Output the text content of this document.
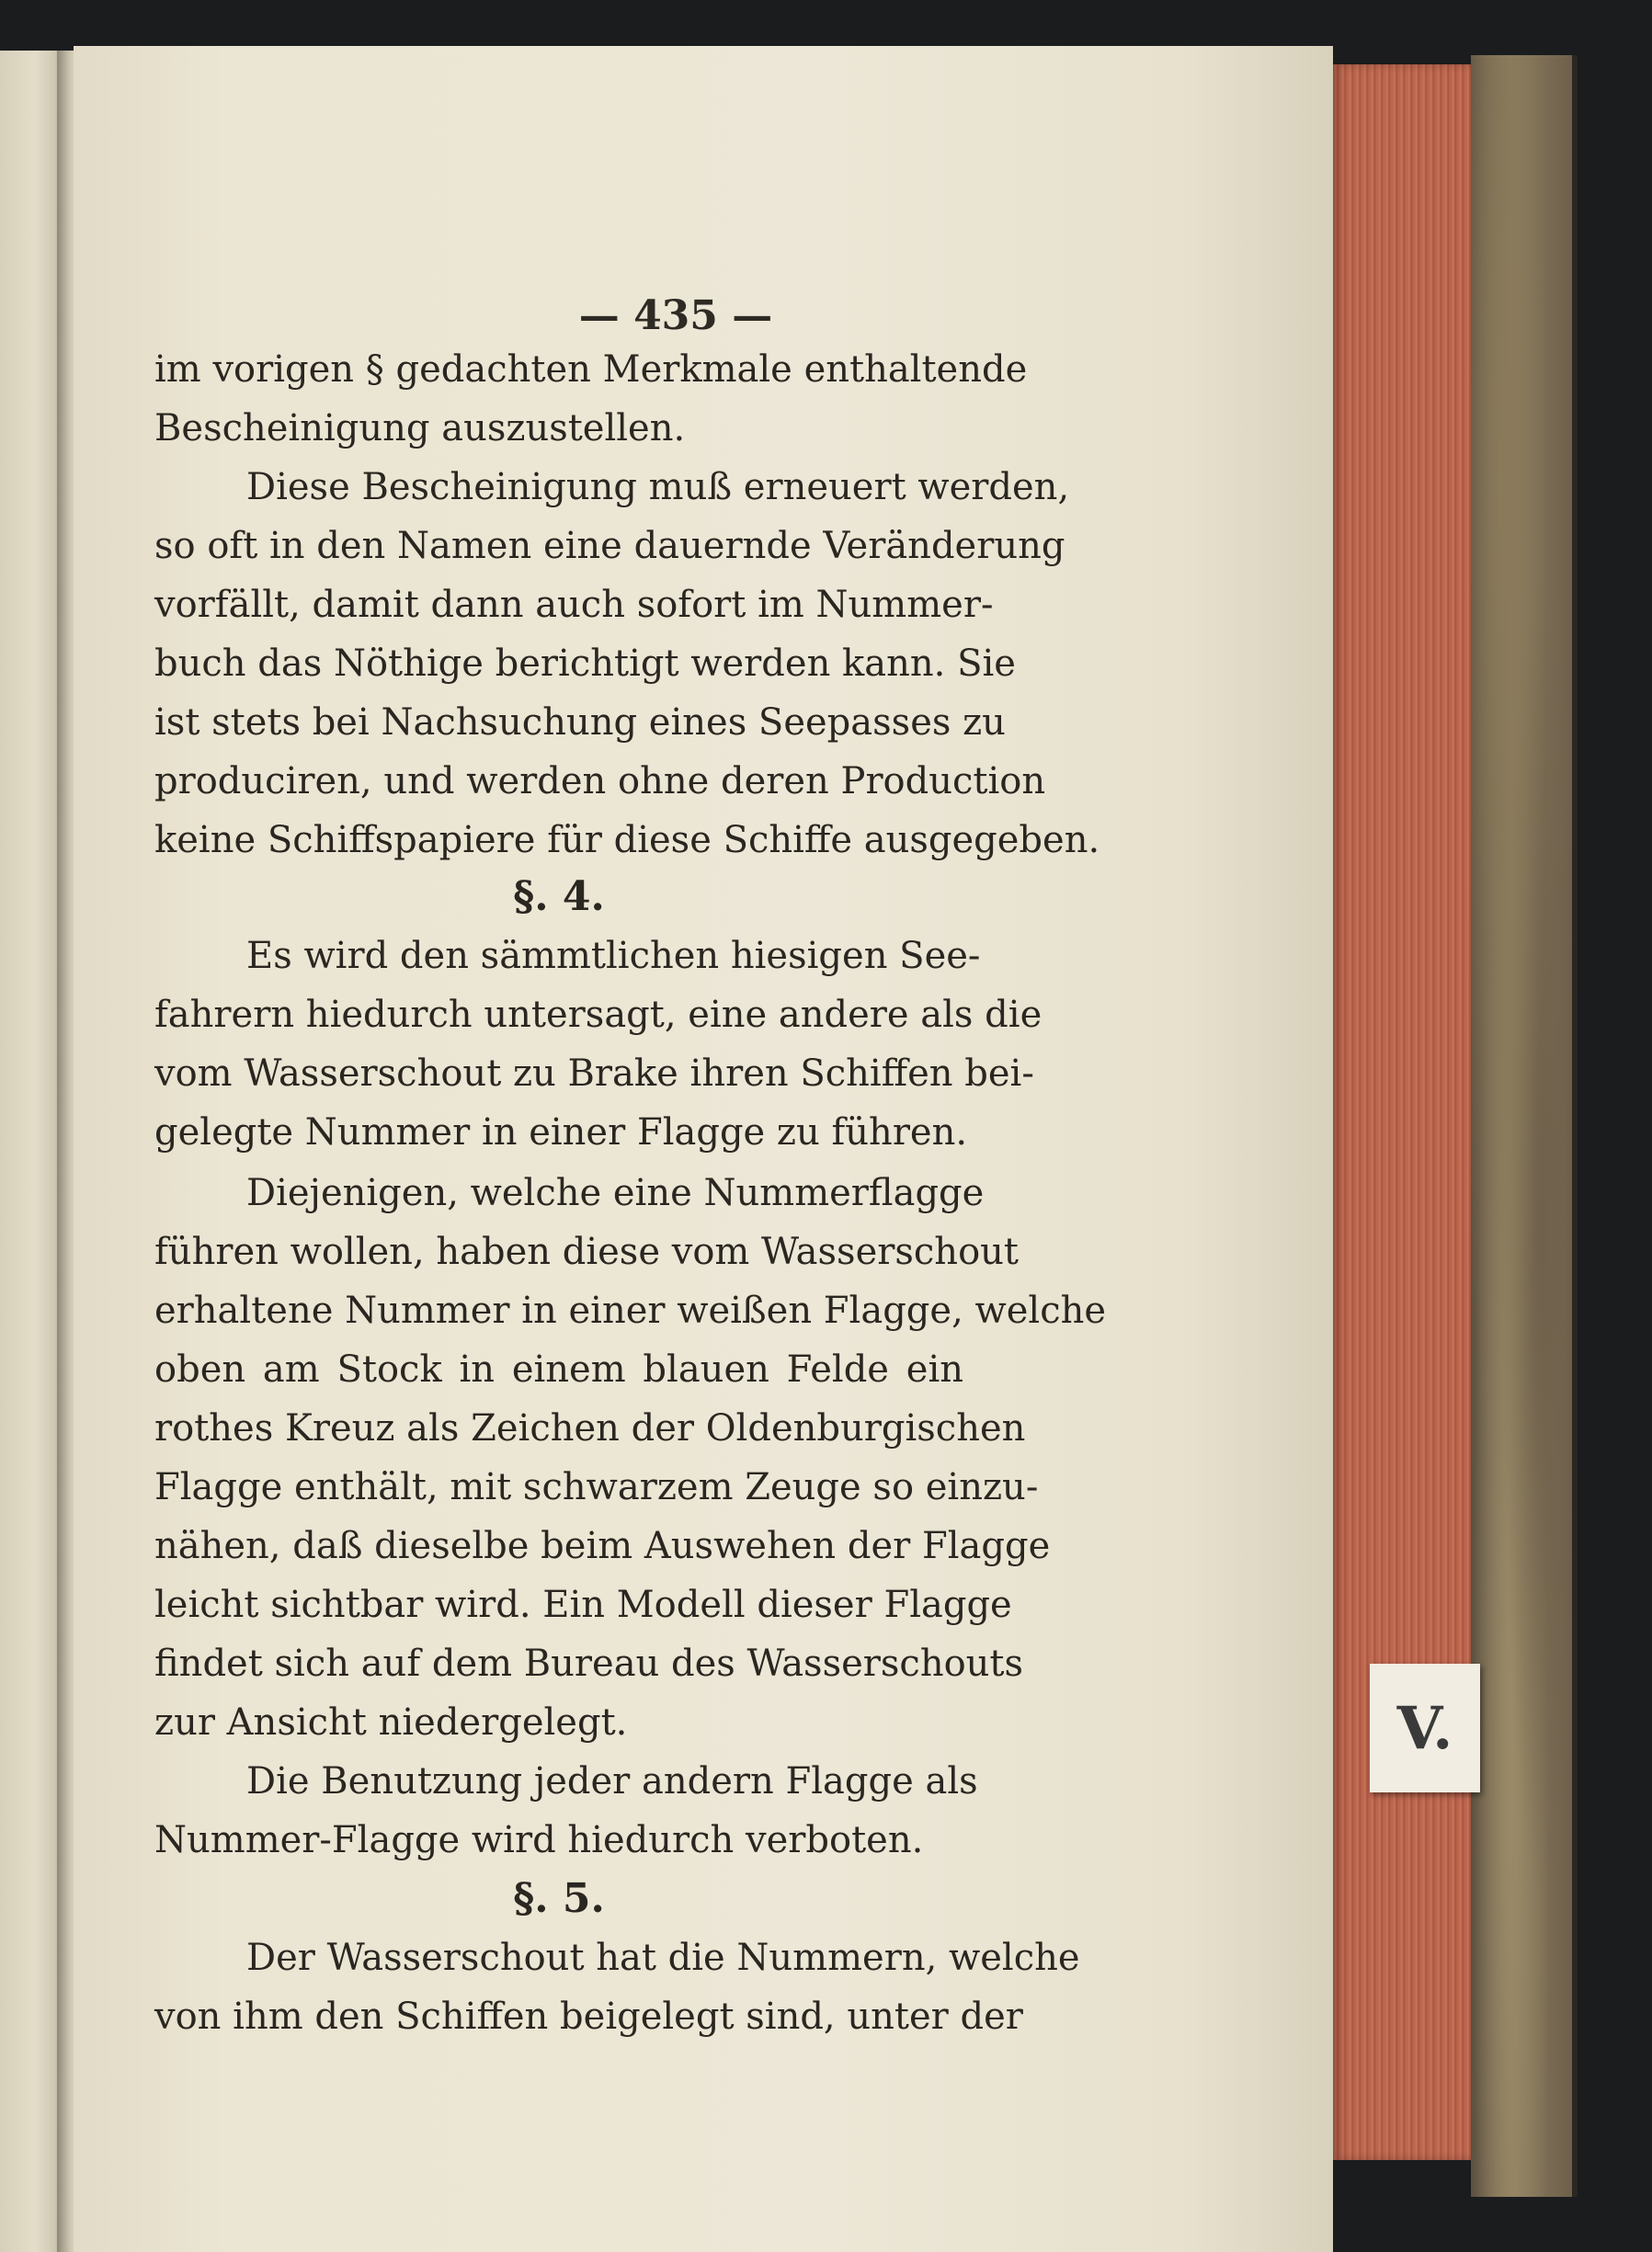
— 435 —
V.
im vorigen § gedachten Merkmale enthaltende
Bescheinigung auszustellen.
Diese Bescheinigung muß erneuert werden,
so oft in den Namen eine dauernde Veränderung
vorfällt, damit dann auch sofort im Nummer-
buch das Nöthige berichtigt werden kann. Sie
ist stets bei Nachsuchung eines Seepasses zu
produciren, und werden ohne deren Production
keine Schiffspapiere für diese Schiffe ausgegeben.
§. 4.
Es wird den sämmtlichen hiesigen See-
fahrern hiedurch untersagt, eine andere als die
vom Wasserschout zu Brake ihren Schiffen bei-
gelegte Nummer in einer Flagge zu führen.
Diejenigen, welche eine Nummerflagge
führen wollen, haben diese vom Wasserschout
erhaltene Nummer in einer weißen Flagge, welche
oben am Stock in einem blauen Felde ein
rothes Kreuz als Zeichen der Oldenburgischen
Flagge enthält, mit schwarzem Zeuge so einzu-
nähen, daß dieselbe beim Auswehen der Flagge
leicht sichtbar wird. Ein Modell dieser Flagge
findet sich auf dem Bureau des Wasserschouts
zur Ansicht niedergelegt.
Die Benutzung jeder andern Flagge als
Nummer-Flagge wird hiedurch verboten.
§. 5.
Der Wasserschout hat die Nummern, welche
von ihm den Schiffen beigelegt sind, unter der
